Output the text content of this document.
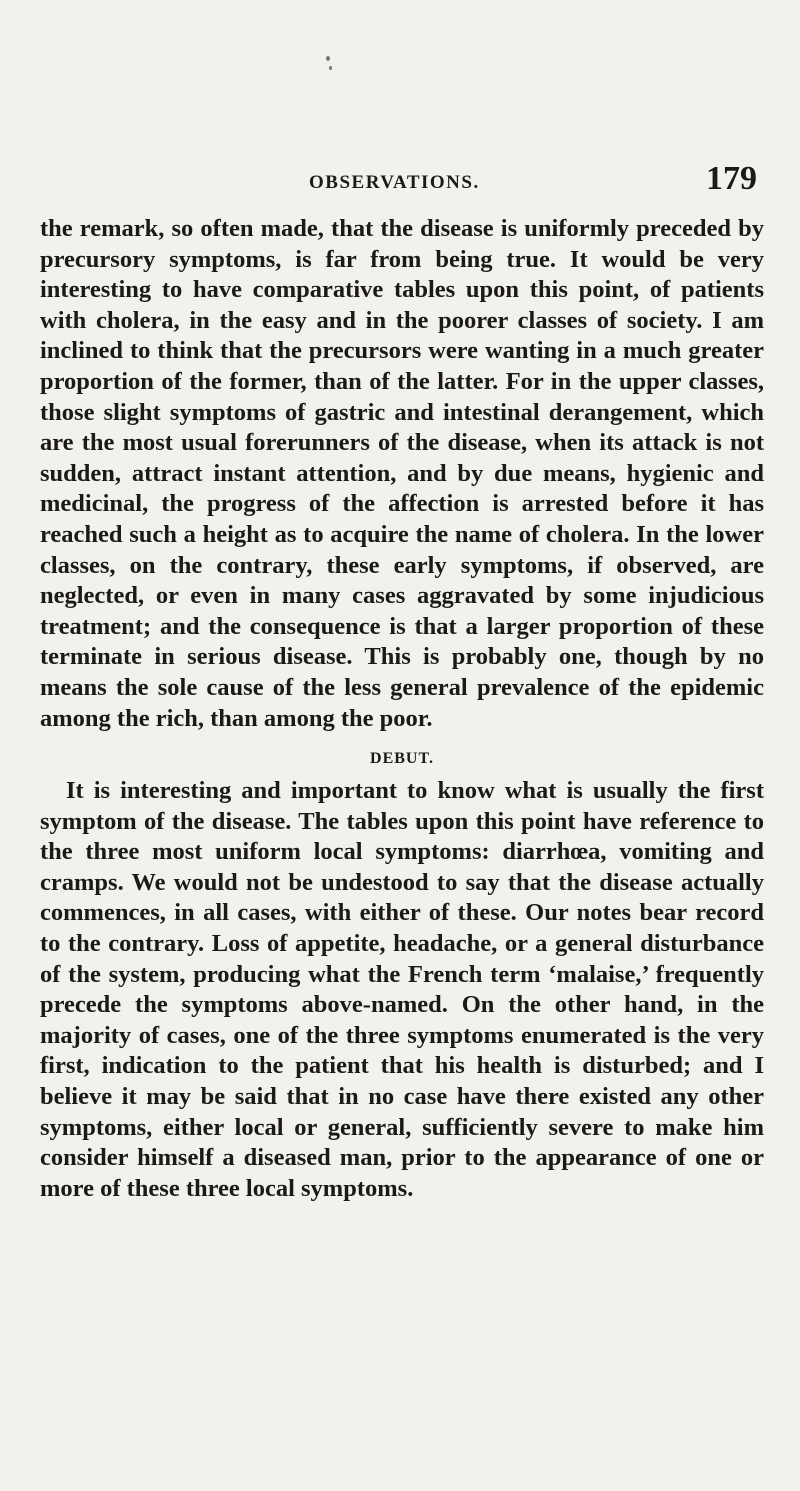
OBSERVATIONS.	179

the remark, so often made, that the disease is uniformly preceded by precursory symptoms, is far from being true. It would be very interesting to have comparative tables upon this point, of patients with cholera, in the easy and in the poorer classes of society. I am inclined to think that the precursors were wanting in a much greater proportion of the former, than of the latter. For in the upper classes, those slight symptoms of gastric and intestinal derangement, which are the most usual forerunners of the disease, when its attack is not sudden, attract instant attention, and by due means, hygienic and medicinal, the progress of the affection is arrested before it has reached such a height as to acquire the name of cholera. In the lower classes, on the contrary, these early symptoms, if observed, are neglected, or even in many cases aggravated by some injudicious treatment; and the consequence is that a larger proportion of these terminate in serious disease. This is probably one, though by no means the sole cause of the less general prevalence of the epidemic among the rich, than among the poor.

DEBUT.

It is interesting and important to know what is usually the first symptom of the disease. The tables upon this point have reference to the three most uniform local symptoms: diarrhœa, vomiting and cramps. We would not be undestood to say that the disease actually commences, in all cases, with either of these. Our notes bear record to the contrary. Loss of appetite, headache, or a general disturbance of the system, producing what the French term ‘malaise,’ frequently precede the symptoms above-named. On the other hand, in the majority of cases, one of the three symptoms enumerated is the very first, indication to the patient that his health is disturbed; and I believe it may be said that in no case have there existed any other symptoms, either local or general, sufficiently severe to make him consider himself a diseased man, prior to the appearance of one or more of these three local symptoms.
